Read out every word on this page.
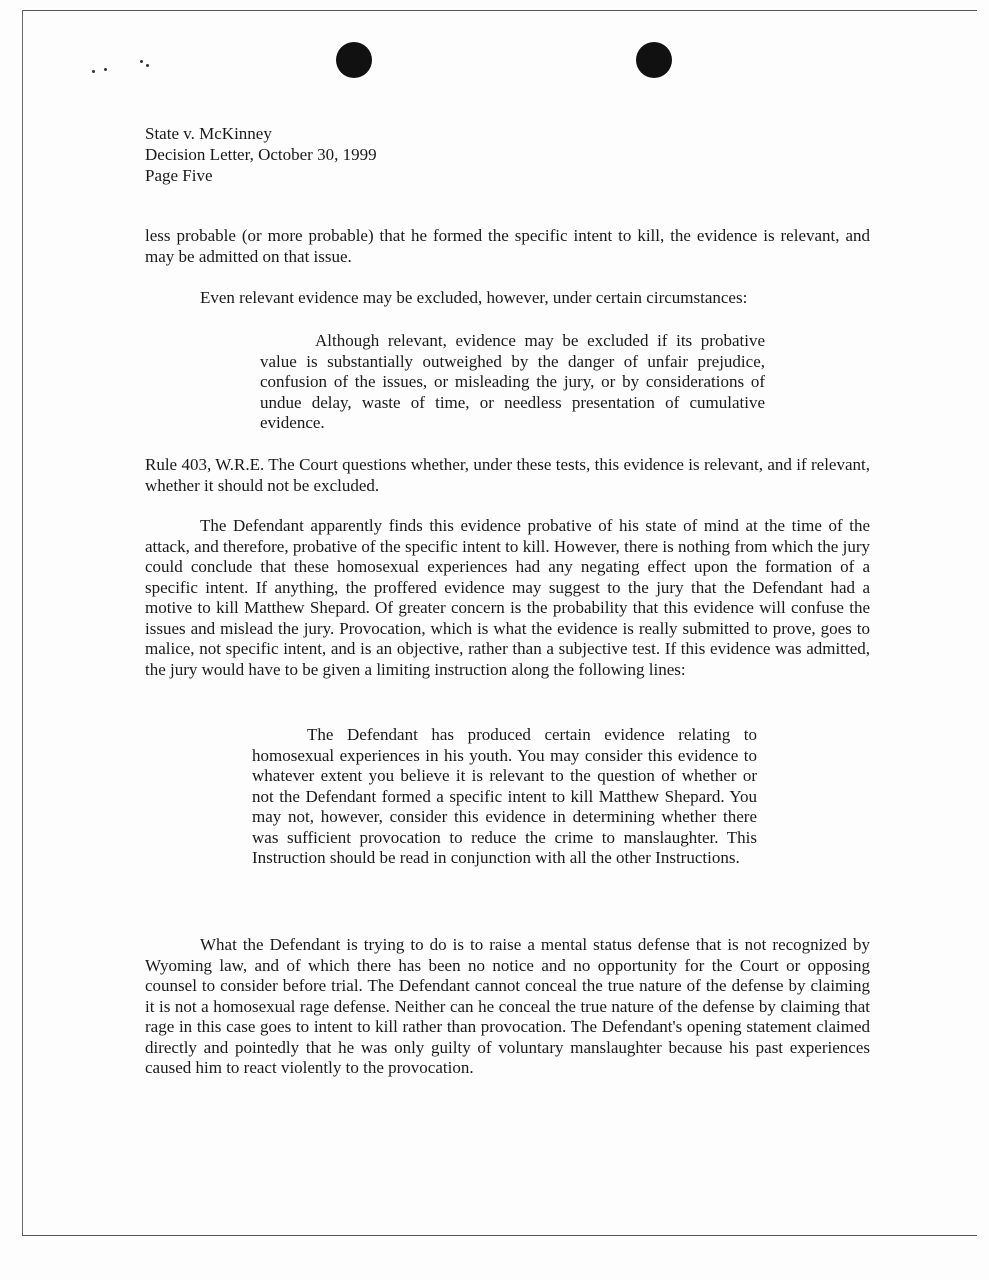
State v. McKinney
Decision Letter, October 30, 1999
Page Five

less probable (or more probable) that he formed the specific intent to kill, the evidence is relevant, and may be admitted on that issue.

Even relevant evidence may be excluded, however, under certain circumstances:

Although relevant, evidence may be excluded if its probative value is substantially outweighed by the danger of unfair prejudice, confusion of the issues, or misleading the jury, or by considerations of undue delay, waste of time, or needless presentation of cumulative evidence.

Rule 403, W.R.E. The Court questions whether, under these tests, this evidence is relevant, and if relevant, whether it should not be excluded.

The Defendant apparently finds this evidence probative of his state of mind at the time of the attack, and therefore, probative of the specific intent to kill. However, there is nothing from which the jury could conclude that these homosexual experiences had any negating effect upon the formation of a specific intent. If anything, the proffered evidence may suggest to the jury that the Defendant had a motive to kill Matthew Shepard. Of greater concern is the probability that this evidence will confuse the issues and mislead the jury. Provocation, which is what the evidence is really submitted to prove, goes to malice, not specific intent, and is an objective, rather than a subjective test. If this evidence was admitted, the jury would have to be given a limiting instruction along the following lines:

The Defendant has produced certain evidence relating to homosexual experiences in his youth. You may consider this evidence to whatever extent you believe it is relevant to the question of whether or not the Defendant formed a specific intent to kill Matthew Shepard. You may not, however, consider this evidence in determining whether there was sufficient provocation to reduce the crime to manslaughter. This Instruction should be read in conjunction with all the other Instructions.

What the Defendant is trying to do is to raise a mental status defense that is not recognized by Wyoming law, and of which there has been no notice and no opportunity for the Court or opposing counsel to consider before trial. The Defendant cannot conceal the true nature of the defense by claiming it is not a homosexual rage defense. Neither can he conceal the true nature of the defense by claiming that rage in this case goes to intent to kill rather than provocation. The Defendant's opening statement claimed directly and pointedly that he was only guilty of voluntary manslaughter because his past experiences caused him to react violently to the provocation.
